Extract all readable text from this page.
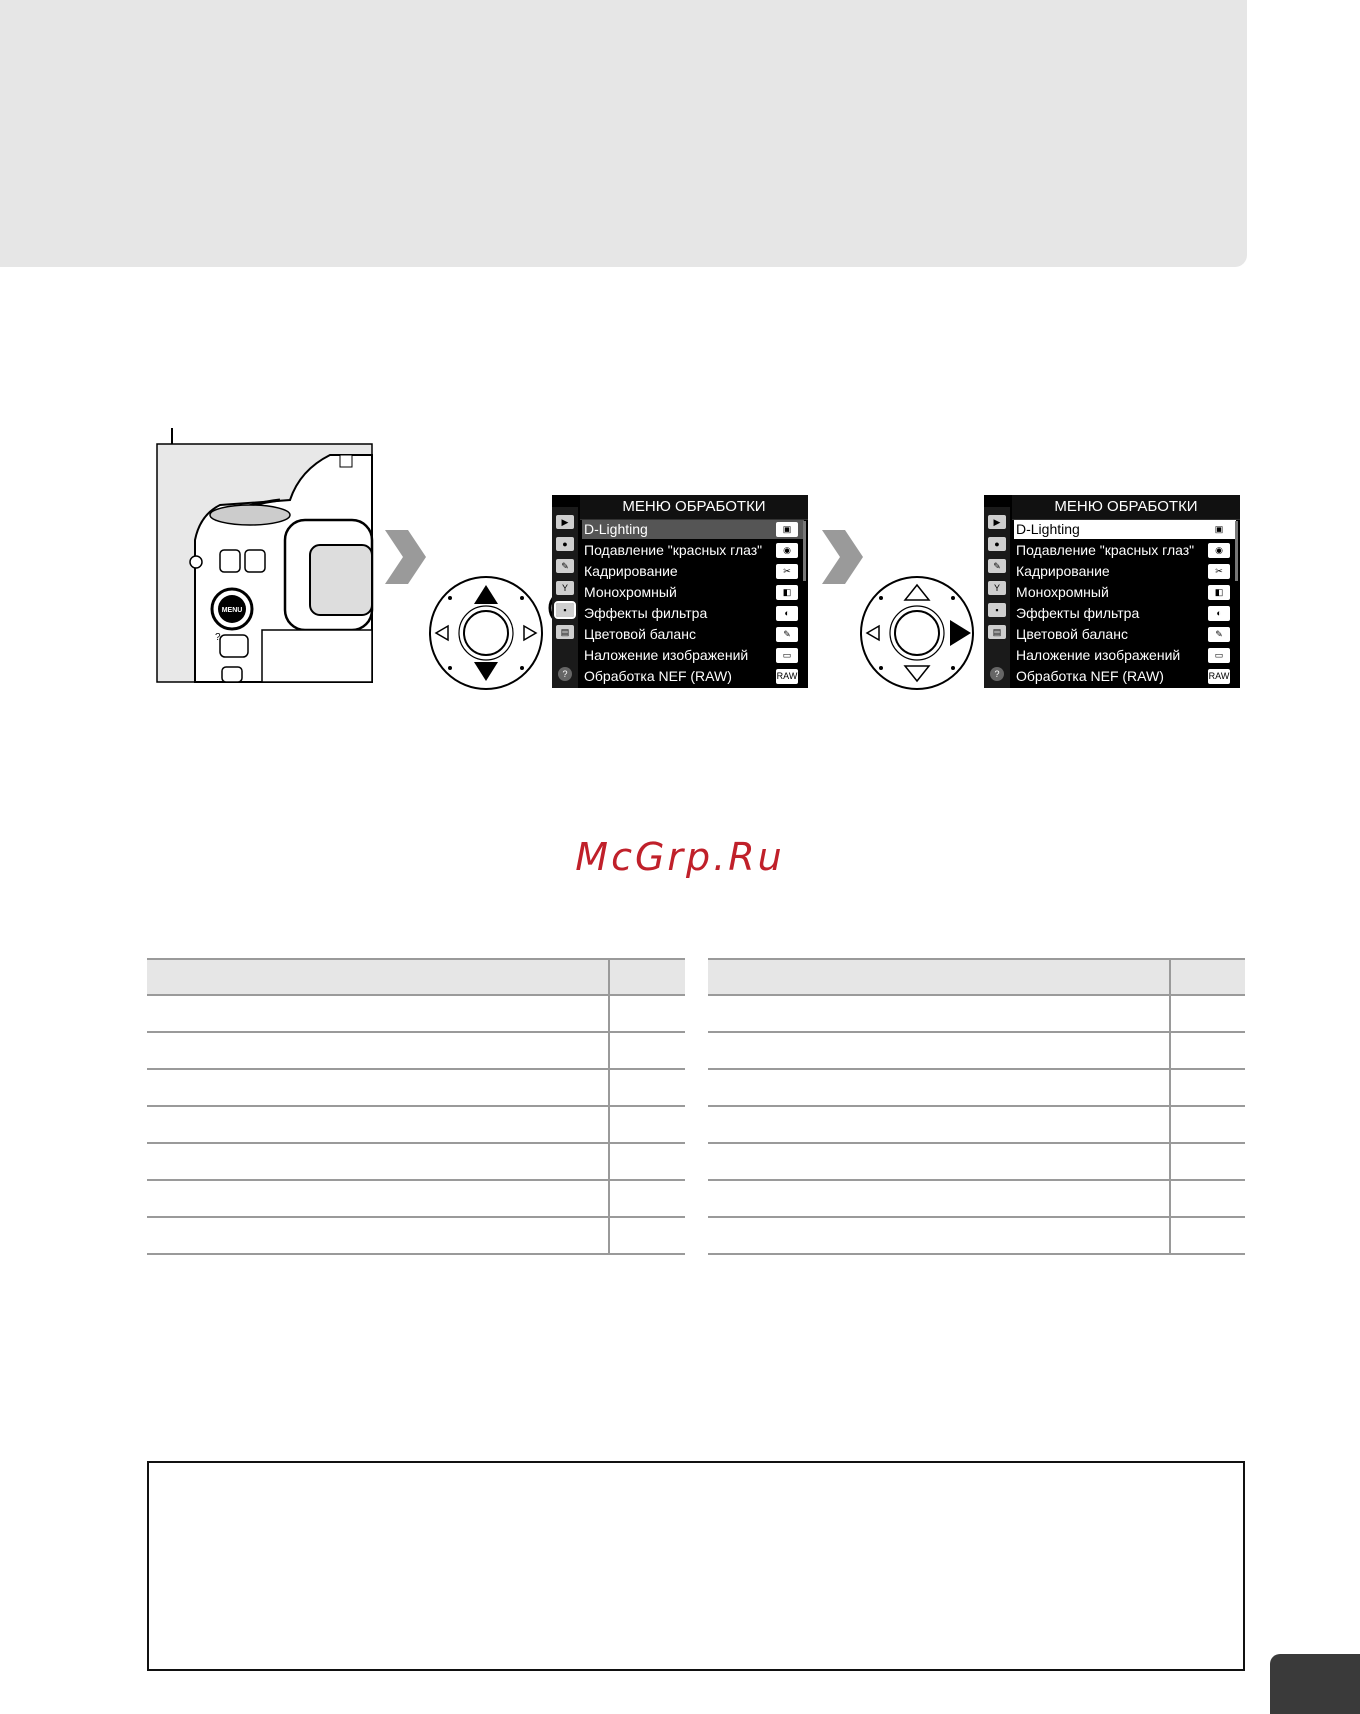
MENU
?
МЕНЮ ОБРАБОТКИ
▶
●
✎
Y
▪
▤
?
D-Lighting	▣
Подавление "красных глаз"	◉
Кадрирование	✂
Монохромный	◧
Эффекты фильтра	◐
Цветовой баланс	✎
Наложение изображений	▭
Обработка NEF (RAW)	RAW
МЕНЮ ОБРАБОТКИ
▶
●
✎
Y
▪
▤
?
D-Lighting	▣
Подавление "красных глаз"	◉
Кадрирование	✂
Монохромный	◧
Эффекты фильтра	◐
Цветовой баланс	✎
Наложение изображений	▭
Обработка NEF (RAW)	RAW
McGrp.Ru
